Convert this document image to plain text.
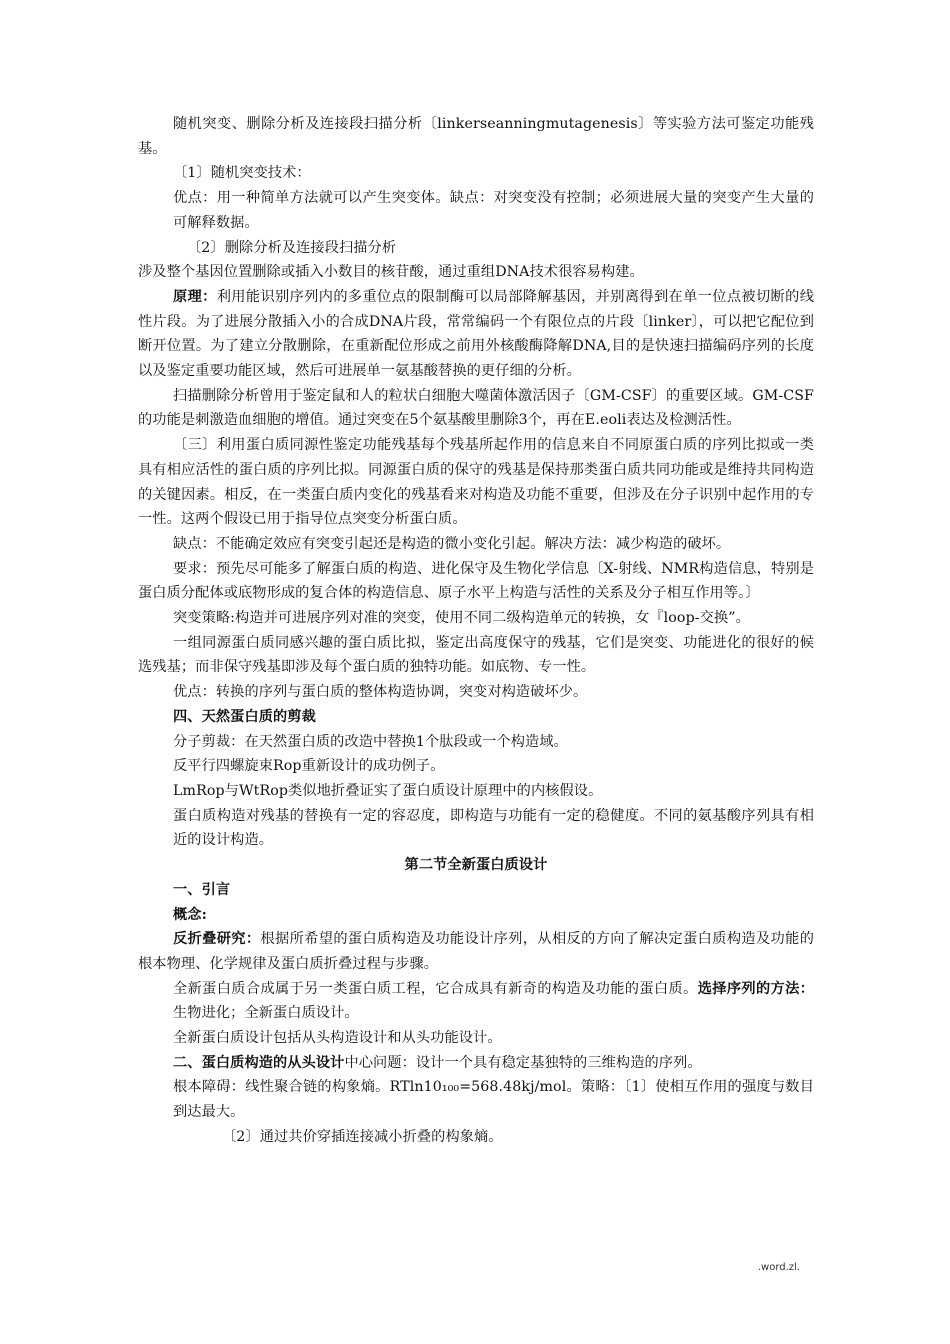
随机突变、删除分析及连接段扫描分析〔linkerseanningmutagenesis〕等实验方法可鉴定功能残基。

〔1〕随机突变技术：

优点：用一种简单方法就可以产生突变体。缺点：对突变没有控制；必须进展大量的突变产生大量的可解释数据。

〔2〕删除分析及连接段扫描分析

涉及整个基因位置删除或插入小数目的核苷酸，通过重组DNA技术很容易构建。

原理：利用能识别序列内的多重位点的限制酶可以局部降解基因，并别离得到在单一位点被切断的线性片段。为了进展分散插入小的合成DNA片段，常常编码一个有限位点的片段〔linker〕，可以把它配位到断开位置。为了建立分散删除，在重新配位形成之前用外核酸酶降解DNA,目的是快速扫描编码序列的长度以及鉴定重要功能区域，然后可进展单一氨基酸替换的更仔细的分析。

扫描删除分析曾用于鉴定鼠和人的粒状白细胞大噬菌体激活因子〔GM-CSF〕的重要区域。GM-CSF的功能是刺激造血细胞的增值。通过突变在5个氨基酸里删除3个，再在E.eoli表达及检测活性。

〔三〕利用蛋白质同源性鉴定功能残基每个残基所起作用的信息来自不同原蛋白质的序列比拟或一类具有相应活性的蛋白质的序列比拟。同源蛋白质的保守的残基是保持那类蛋白质共同功能或是维持共同构造的关键因素。相反，在一类蛋白质内变化的残基看来对构造及功能不重要，但涉及在分子识别中起作用的专一性。这两个假设已用于指导位点突变分析蛋白质。

缺点：不能确定效应有突变引起还是构造的微小变化引起。解决方法：减少构造的破坏。

要求：预先尽可能多了解蛋白质的构造、进化保守及生物化学信息〔X-射线、NMR构造信息，特别是蛋白质分配体或底物形成的复合体的构造信息、原子水平上构造与活性的关系及分子相互作用等。〕

突变策略:构造并可进展序列对准的突变，使用不同二级构造单元的转换，女『loop-交换”。

一组同源蛋白质同感兴趣的蛋白质比拟，鉴定出高度保守的残基，它们是突变、功能进化的很好的候选残基；而非保守残基即涉及每个蛋白质的独特功能。如底物、专一性。

优点：转换的序列与蛋白质的整体构造协调，突变对构造破坏少。

四、天然蛋白质的剪裁

分子剪裁：在天然蛋白质的改造中替换1个肽段或一个构造域。

反平行四螺旋束Rop重新设计的成功例子。

LmRop与WtRop类似地折叠证实了蛋白质设计原理中的内核假设。

蛋白质构造对残基的替换有一定的容忍度，即构造与功能有一定的稳健度。不同的氨基酸序列具有相近的设计构造。

第二节全新蛋白质设计

一、引言

概念:

反折叠研究：根据所希望的蛋白质构造及功能设计序列，从相反的方向了解决定蛋白质构造及功能的根本物理、化学规律及蛋白质折叠过程与步骤。

全新蛋白质合成属于另一类蛋白质工程，它合成具有新奇的构造及功能的蛋白质。选择序列的方法：生物进化；全新蛋白质设计。

全新蛋白质设计包括从头构造设计和从头功能设计。

二、蛋白质构造的从头设计中心问题：设计一个具有稳定基独特的三维构造的序列。

根本障碍：线性聚合链的构象熵。RTln10₁₀₀=568.48kj/mol。策略：〔1〕使相互作用的强度与数目到达最大。

〔2〕通过共价穿插连接减小折叠的构象熵。

.word.zl.
